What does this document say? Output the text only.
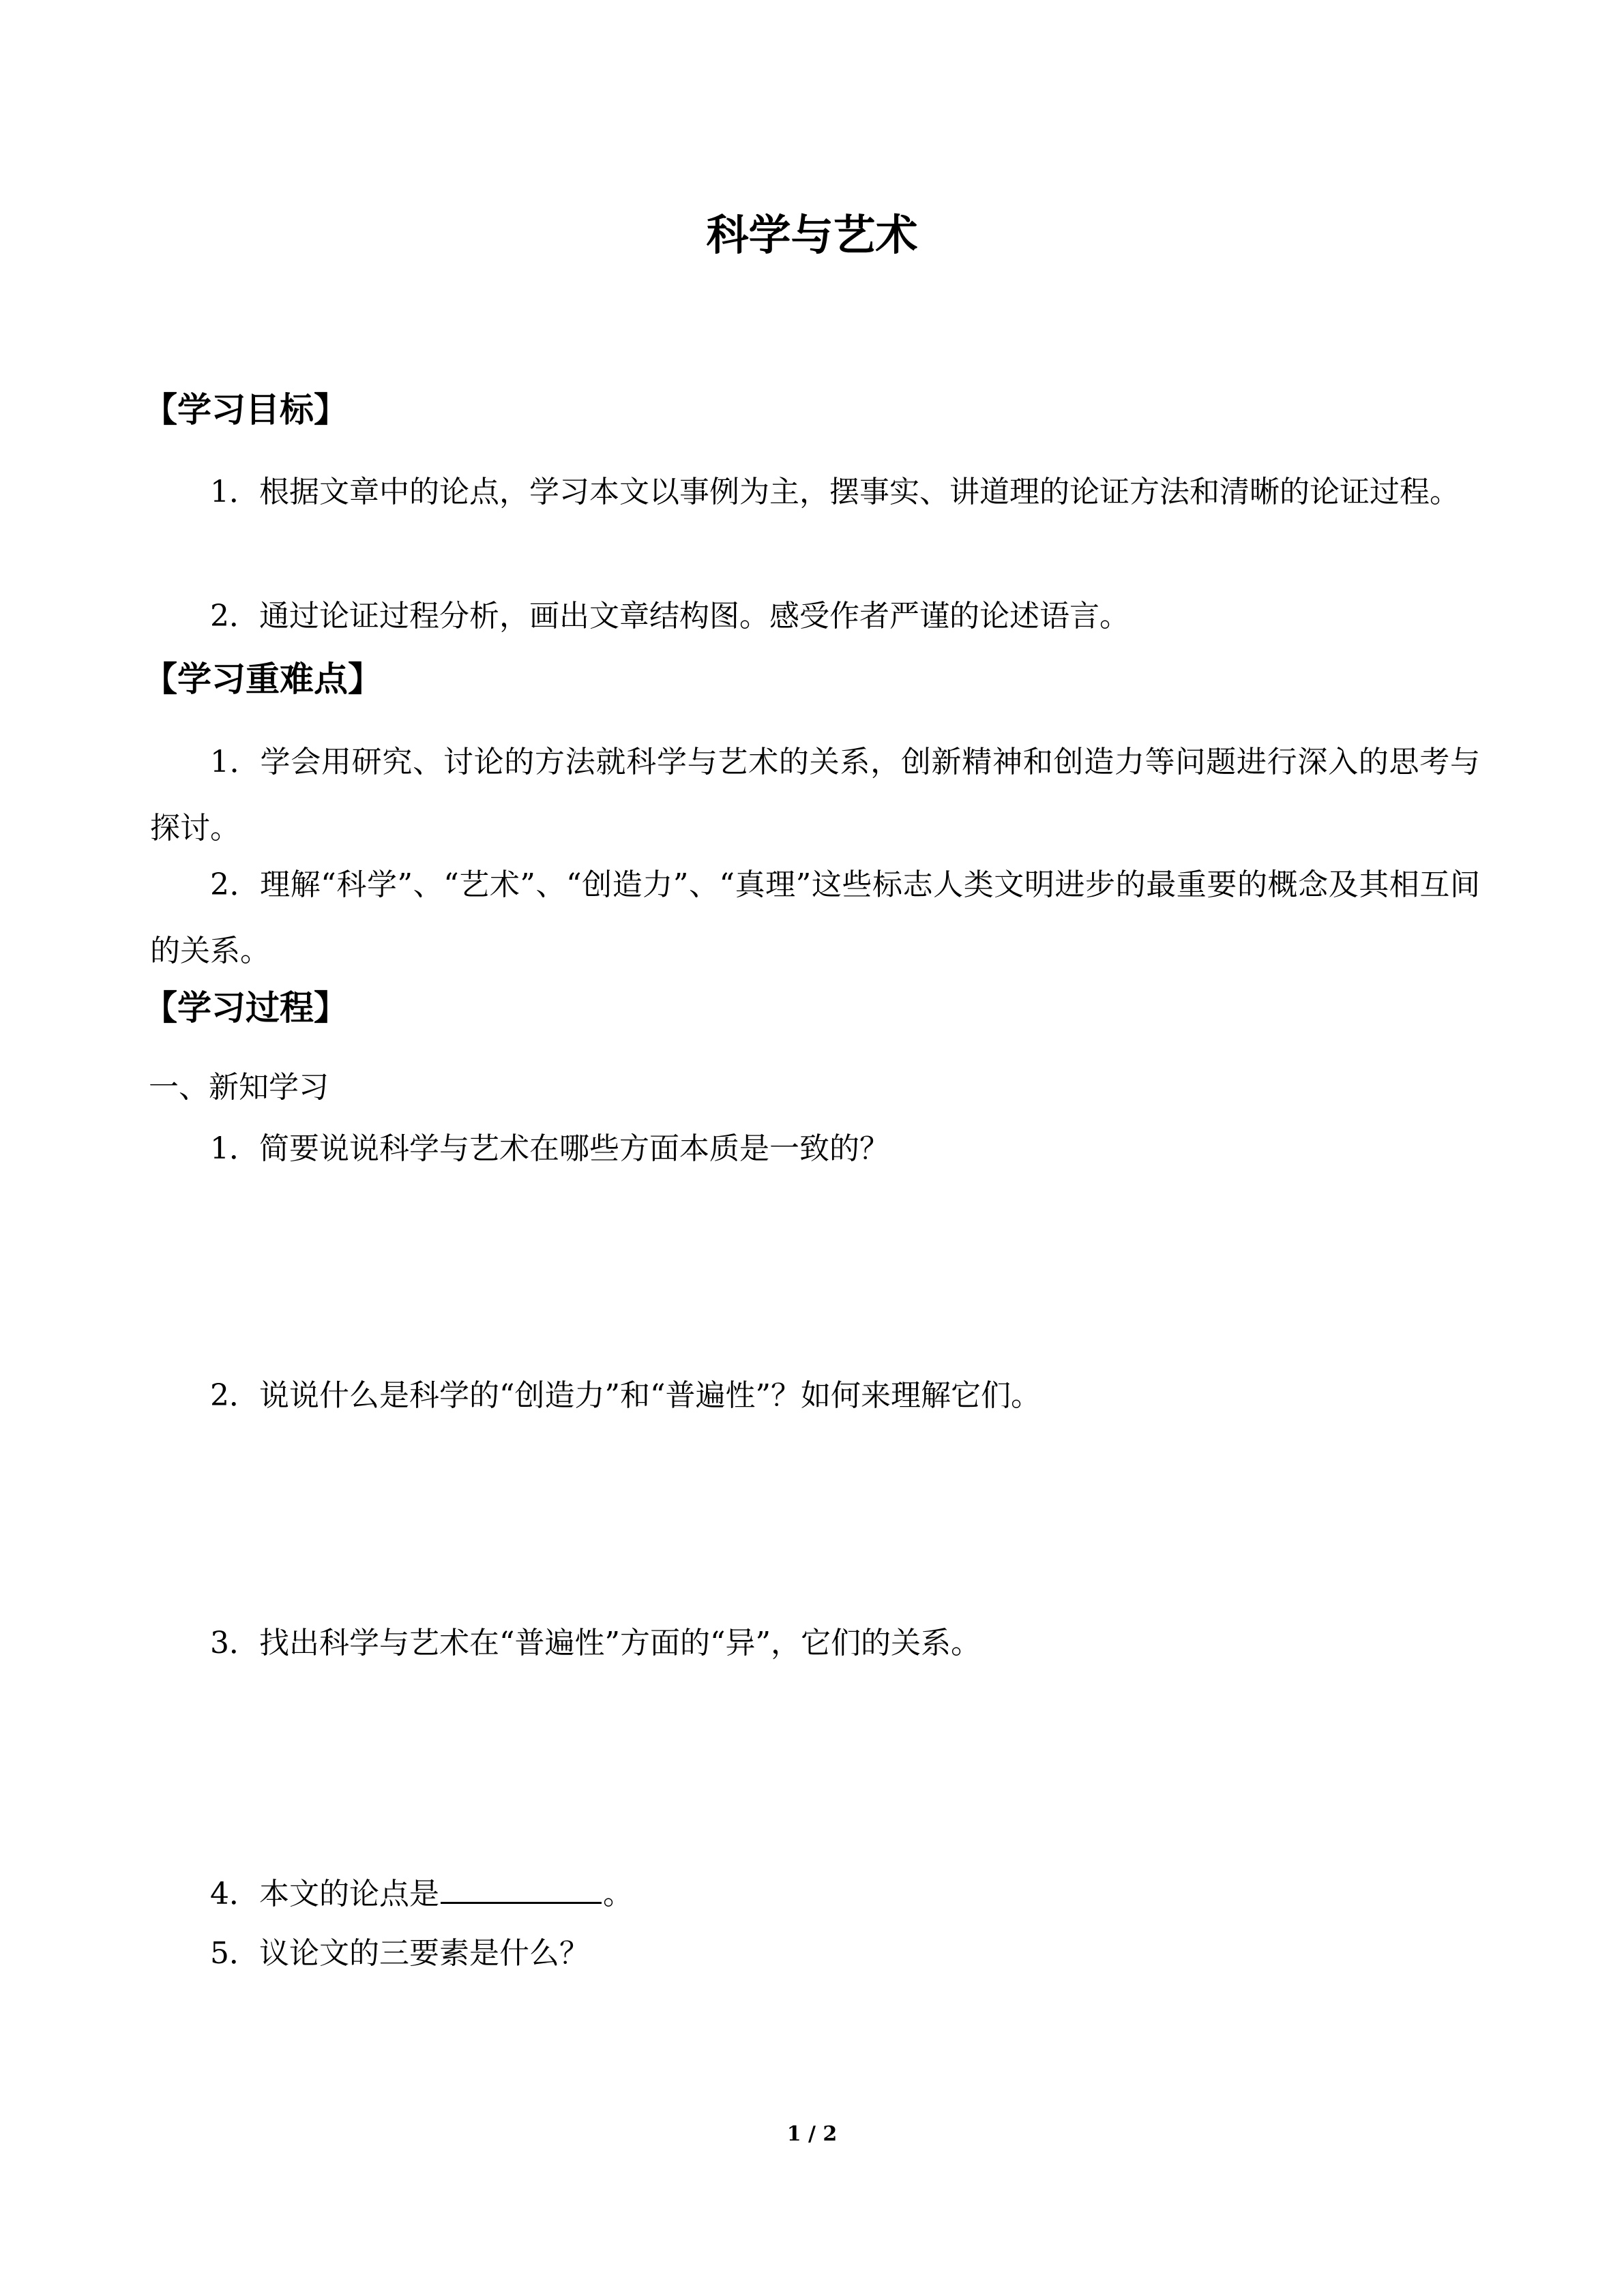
科学与艺术
【学习目标】

1．根据文章中的论点，学习本文以事例为主，摆事实、讲道理的论证方法和清晰的论证过程。

2．通过论证过程分析，画出文章结构图。感受作者严谨的论述语言。

【学习重难点】

1．学会用研究、讨论的方法就科学与艺术的关系，创新精神和创造力等问题进行深入的思考与探讨。

2．理解“科学”、“艺术”、“创造力”、“真理”这些标志人类文明进步的最重要的概念及其相互间的关系。

【学习过程】

一、新知学习

1．简要说说科学与艺术在哪些方面本质是一致的？

2．说说什么是科学的“创造力”和“普遍性”？如何来理解它们。

3．找出科学与艺术在“普遍性”方面的“异”，它们的关系。

4．本文的论点是	。

5．议论文的三要素是什么？

1 / 2
